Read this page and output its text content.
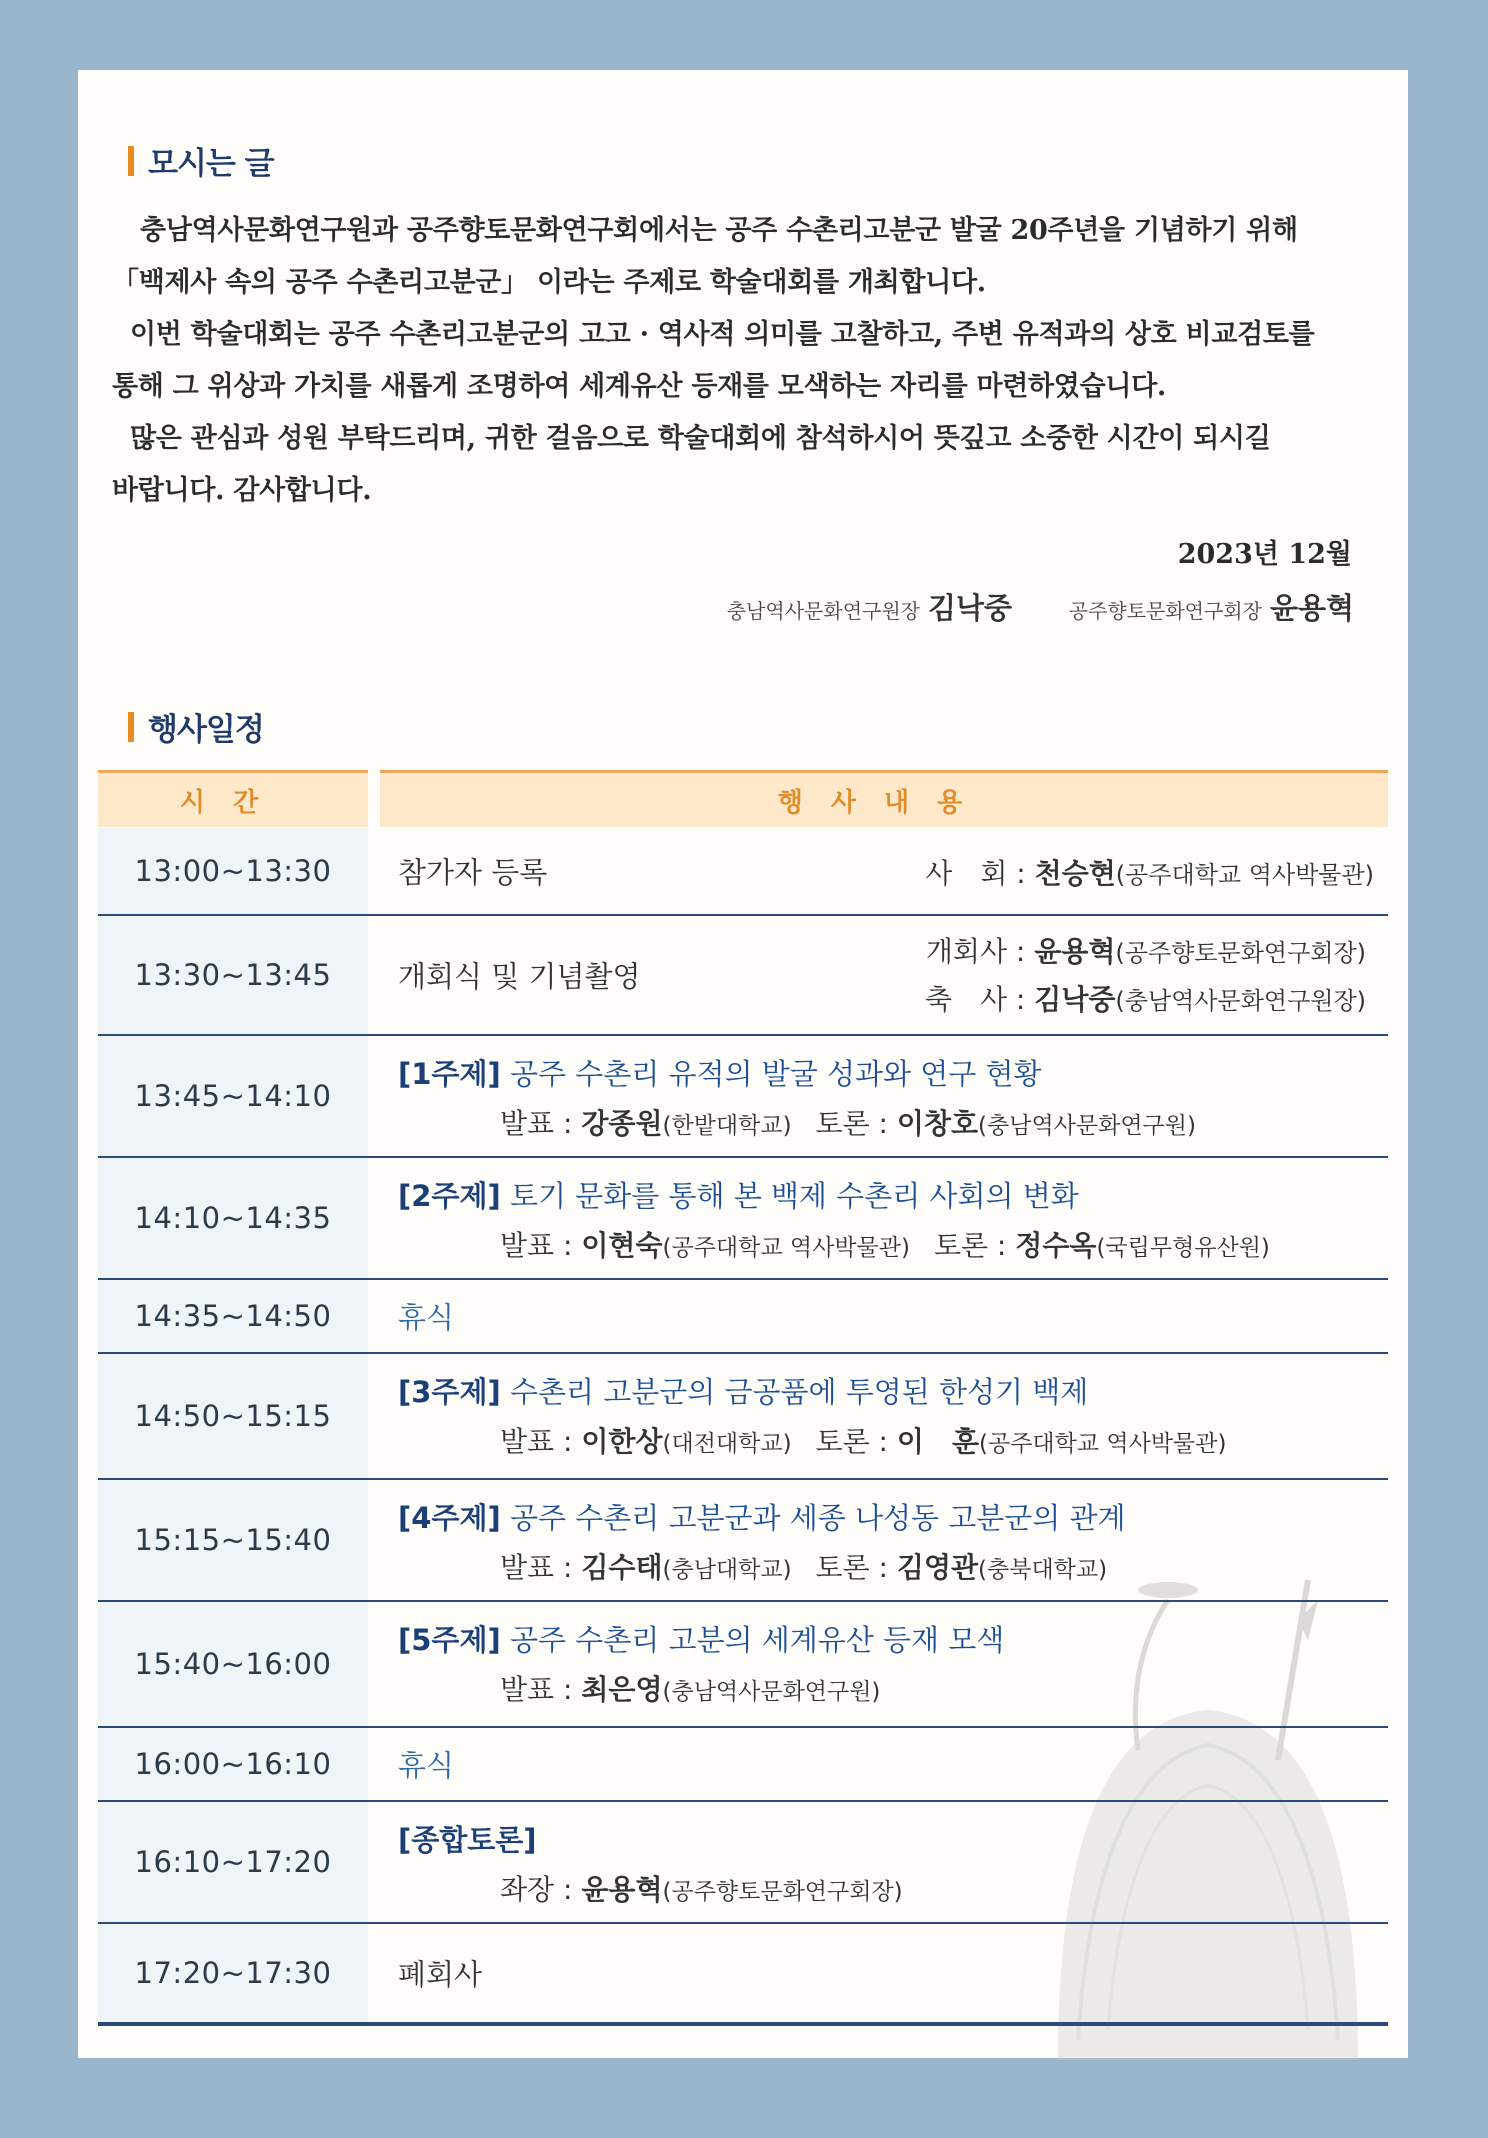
모시는 글

충남역사문화연구원과 공주향토문화연구회에서는 공주 수촌리고분군 발굴 20주년을 기념하기 위해

「백제사 속의 공주 수촌리고분군」 이라는 주제로 학술대회를 개최합니다.

이번 학술대회는 공주 수촌리고분군의 고고 · 역사적 의미를 고찰하고, 주변 유적과의 상호 비교검토를

통해 그 위상과 가치를 새롭게 조명하여 세계유산 등재를 모색하는 자리를 마련하였습니다.

많은 관심과 성원 부탁드리며, 귀한 걸음으로 학술대회에 참석하시어 뜻깊고 소중한 시간이 되시길

바랍니다. 감사합니다.

2023년 12월
충남역사문화연구원장 김낙중	공주향토문화연구회장 윤용혁
행사일정
시간	행사내용
13:00~13:30	참가자 등록	사　회 : 천승현(공주대학교 역사박물관)
13:30~13:45	개회식 및 기념촬영
개회사 : 윤용혁(공주향토문화연구회장)
축　사 : 김낙중(충남역사문화연구원장)
13:45~14:10
[1주제] 공주 수촌리 유적의 발굴 성과와 연구 현황
발표 : 강종원(한밭대학교) 토론 : 이창호(충남역사문화연구원)
14:10~14:35
[2주제] 토기 문화를 통해 본 백제 수촌리 사회의 변화
발표 : 이현숙(공주대학교 역사박물관) 토론 : 정수옥(국립무형유산원)
14:35~14:50	휴식
14:50~15:15
[3주제] 수촌리 고분군의 금공품에 투영된 한성기 백제
발표 : 이한상(대전대학교) 토론 : 이　훈(공주대학교 역사박물관)
15:15~15:40
[4주제] 공주 수촌리 고분군과 세종 나성동 고분군의 관계
발표 : 김수태(충남대학교) 토론 : 김영관(충북대학교)
15:40~16:00
[5주제] 공주 수촌리 고분의 세계유산 등재 모색
발표 : 최은영(충남역사문화연구원)
16:00~16:10	휴식
16:10~17:20
[종합토론]
좌장 : 윤용혁(공주향토문화연구회장)
17:20~17:30	폐회사
